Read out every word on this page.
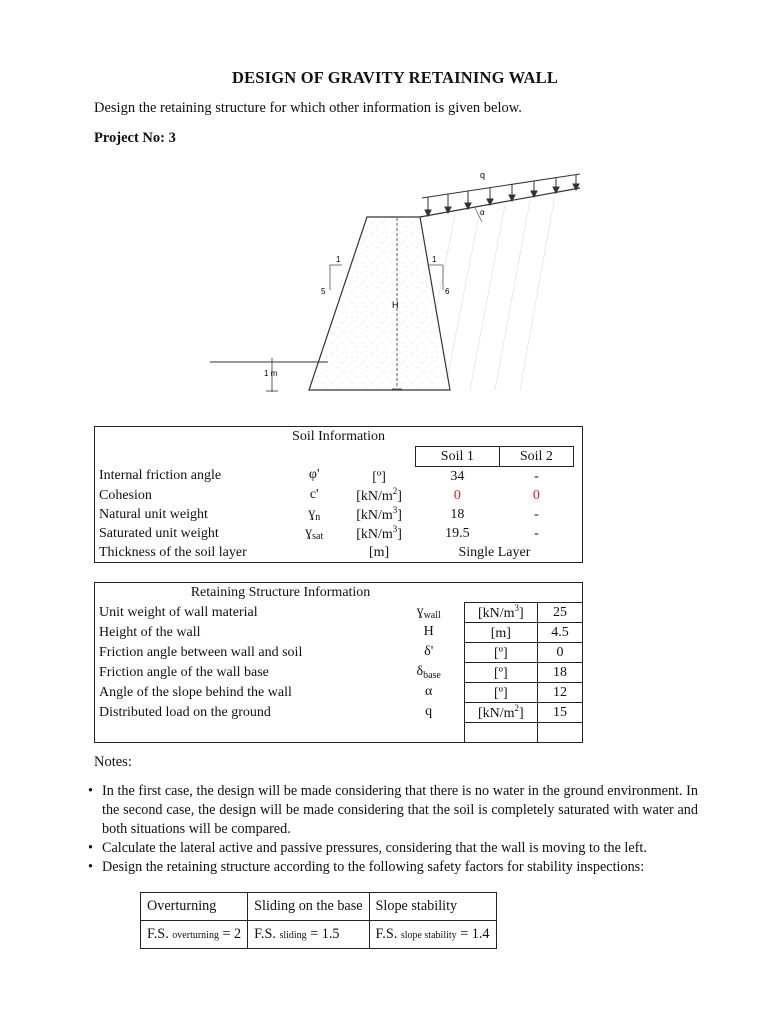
DESIGN OF GRAVITY RETAINING WALL
Design the retaining structure for which other information is given below.
Project No: 3
q
α
1
5
1
6
H
1 m
Soil Information					
			Soil 1	Soil 2	
Internal friction angle	φ'	[º]	34	-	
Cohesion	c'	$[kN/m^2]$	0	0	
Natural unit weight	ɣ$_n$	$[kN/m^3]$	18	-	
Saturated unit weight	ɣ$_{sat}$	$[kN/m^3]$	19.5	-	
Thickness of the soil layer		[m]	Single Layer		
Retaining Structure Information			
Unit weight of wall material	ɣ$_{wall}$	$[kN/m^3]$	25
Height of the wall	H	[m]	4.5
Friction angle between wall and soil	δ'	[º]	0
Friction angle of the wall base	$\delta_{base}$	[º]	18
Angle of the slope behind the wall	α	[º]	12
Distributed load on the ground	q	$[kN/m^2]$	15

Notes:
• In the first case, the design will be made considering that there is no water in the ground environment. In the second case, the design will be made considering that the soil is completely saturated with water and both situations will be compared.
• Calculate the lateral active and passive pressures, considering that the wall is moving to the left.
• Design the retaining structure according to the following safety factors for stability inspections:
Overturning	Sliding on the base	Slope stability
F.S. overturning = 2	F.S. sliding = 1.5	F.S. slope stability = 1.4
